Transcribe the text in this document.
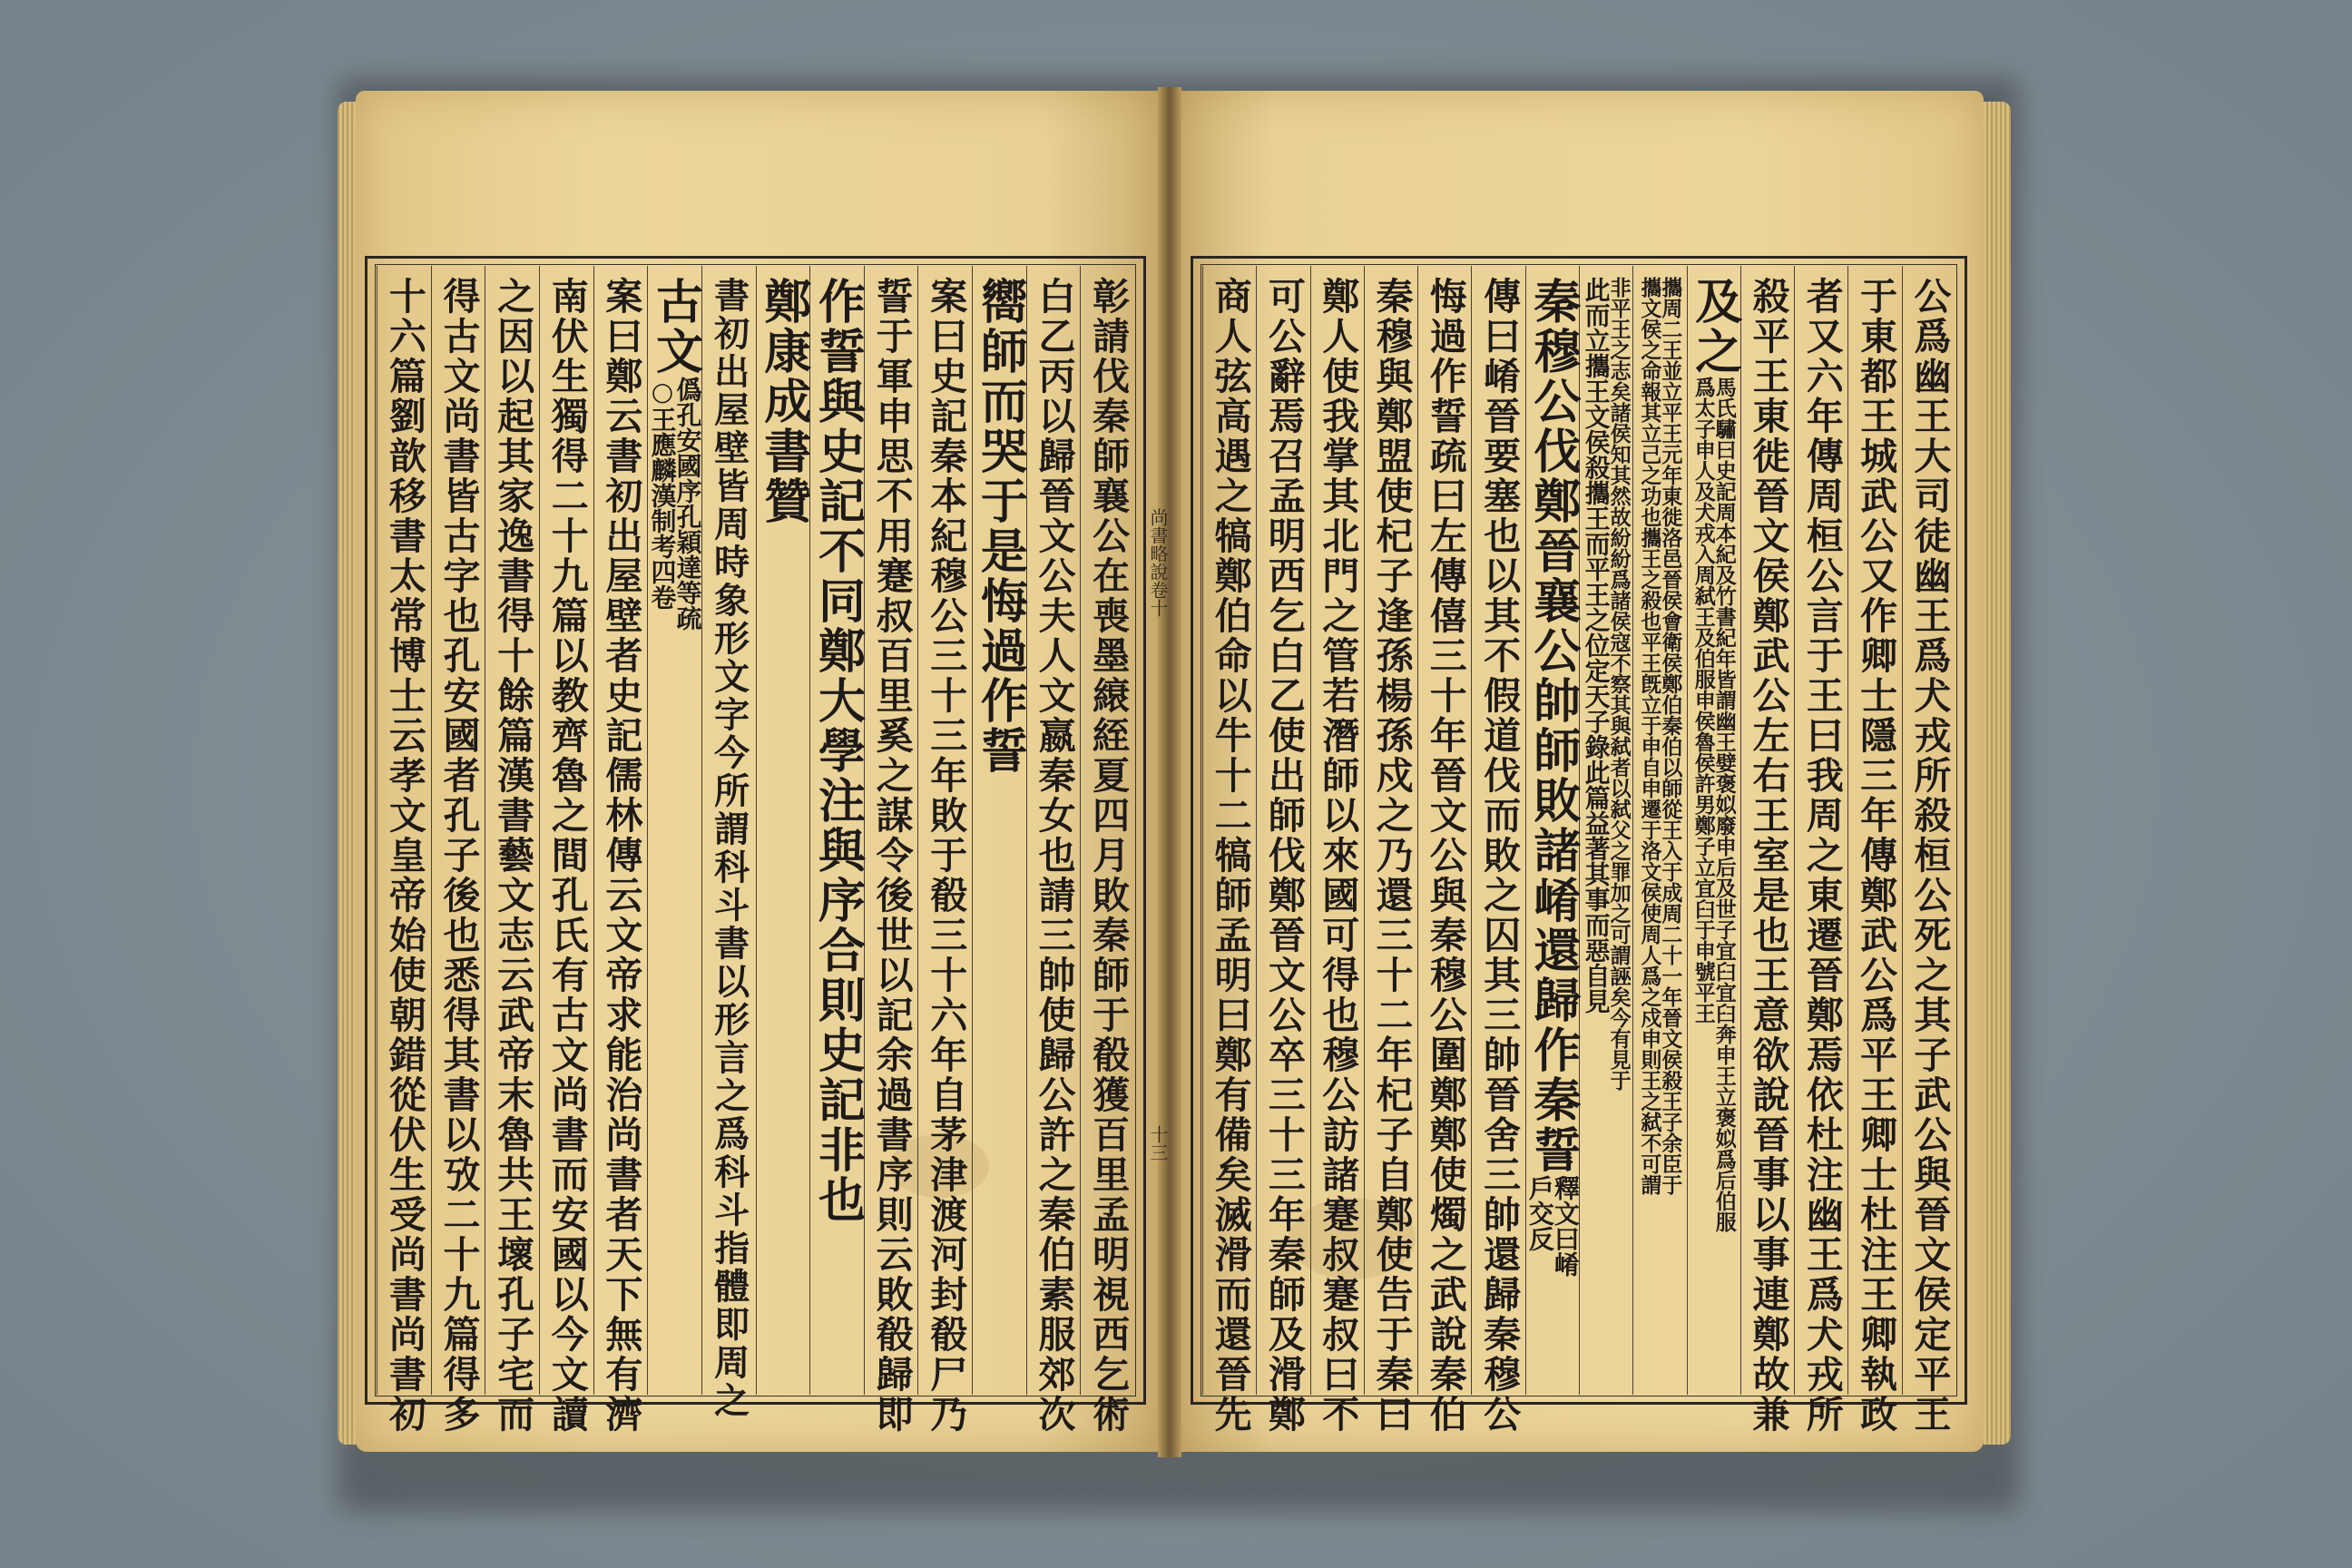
彰請伐秦師襄公在喪墨縗絰夏四月敗秦師于殽獲百里孟明視西乞術
白乙丙以歸晉文公夫人文嬴秦女也請三帥使歸公許之秦伯素服郊次
嚮師而哭于是悔過作誓
案曰史記秦本紀穆公三十三年敗于殽三十六年自茅津渡河封殽尸乃
誓于軍申思不用蹇叔百里奚之謀令後世以記余過書序則云敗殽歸即
作誓與史記不同鄭大學注與序合則史記非也
鄭康成書贊
書初出屋壁皆周時象形文字今所謂科斗書以形言之爲科斗指體即周之
古文
僞孔安國序孔穎達等疏
○王應麟漢制考四卷
案曰鄭云書初出屋壁者史記儒林傳云文帝求能治尚書者天下無有濟
南伏生獨得二十九篇以教齊魯之間孔氏有古文尚書而安國以今文讀
之因以起其家逸書得十餘篇漢書藝文志云武帝末魯共王壞孔子宅而
得古文尚書皆古字也孔安國者孔子後也悉得其書以攷二十九篇得多
十六篇劉歆移書太常博士云孝文皇帝始使朝錯從伏生受尚書尚書初	尚書略說卷十
十三	公爲幽王大司徒幽王爲犬戎所殺桓公死之其子武公與晉文侯定平王
于東都王城武公又作卿士隱三年傳鄭武公爲平王卿士杜注王卿執政
者又六年傳周桓公言于王曰我周之東遷晉鄭焉依杜注幽王爲犬戎所
殺平王東徙晉文侯鄭武公左右王室是也王意欲說晉事以事連鄭故兼
及之
馬氏驌曰史記周本紀及竹書紀年皆謂幽王嬖褒姒廢申后及世子宜臼宜臼奔申王立褒姒爲后伯服
爲太子申人及犬戎入周弑王及伯服申侯魯侯許男鄭子立宜臼于申號平王
攜周二王並立平王元年東徙洛邑晉侯會衛侯鄭伯秦伯以師從王入于成周二十一年晉文侯殺王子余臣于
攜文侯之命報其立己之功也攜王之殺也平王旣立于申自申遷于洛文侯使周人爲之戍申則王之弑不可謂
非平王之志矣諸侯知其然故紛紛爲諸侯寇不察其與弑者以弑父之罪加之可謂誣矣今有見于
此而立攜王文侯殺攜王而平王之位定天子錄此篇益著其事而惡自見
秦穆公伐鄭晉襄公帥師敗諸崤還歸作秦誓
釋文曰崤
戶交反
傳曰崤晉要塞也以其不假道伐而敗之囚其三帥晉舍三帥還歸秦穆公
悔過作誓疏曰左傳僖三十年晉文公與秦穆公圍鄭鄭使燭之武說秦伯
秦穆與鄭盟使杞子逢孫楊孫戍之乃還三十二年杞子自鄭使告于秦曰
鄭人使我掌其北門之管若潛師以來國可得也穆公訪諸蹇叔蹇叔曰不
可公辭焉召孟明西乞白乙使出師伐鄭晉文公卒三十三年秦師及滑鄭
商人弦高遇之犒鄭伯命以牛十二犒師孟明曰鄭有備矣滅滑而還晉先
